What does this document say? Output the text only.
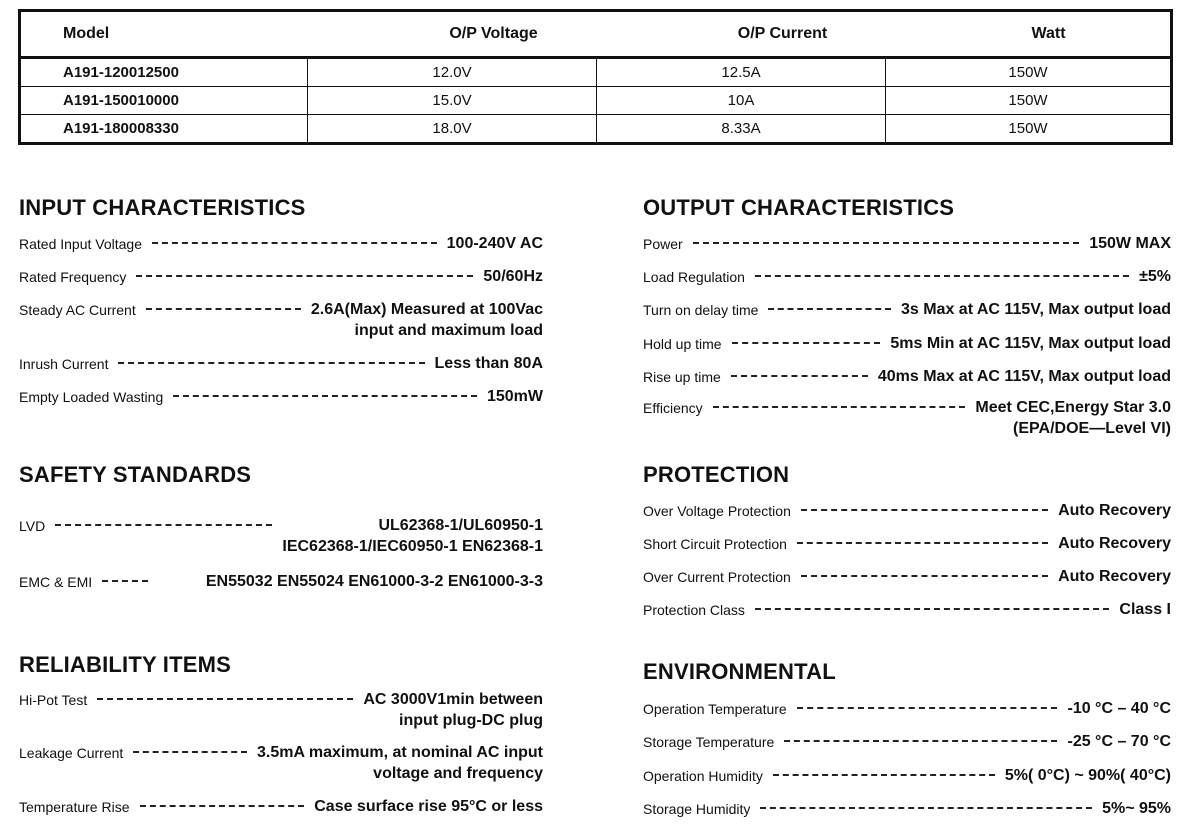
Model	O/P Voltage	O/P Current	Watt
A191-120012500	12.0V	12.5A	150W
A191-150010000	15.0V	10A	150W
A191-180008330	18.0V	8.33A	150W
INPUT CHARACTERISTICS
Rated Input Voltage	100-240V AC
Rated Frequency	50/60Hz
Steady AC Current	2.6A(Max) Measured at 100Vac
input and maximum load
Inrush Current	Less than 80A
Empty Loaded Wasting	150mW
SAFETY STANDARDS
LVD	UL62368-1/UL60950-1
IEC62368-1/IEC60950-1 EN62368-1
EMC & EMI	EN55032 EN55024 EN61000-3-2 EN61000-3-3
RELIABILITY ITEMS
Hi-Pot Test	AC 3000V1min between
input plug-DC plug
Leakage Current	3.5mA maximum, at nominal AC input
voltage and frequency
Temperature Rise	Case surface rise 95°C or less
OUTPUT CHARACTERISTICS
Power	150W MAX
Load Regulation	±5%
Turn on delay time	3s Max at AC 115V, Max output load
Hold up time	5ms Min at AC 115V, Max output load
Rise up time	40ms Max at AC 115V, Max output load
Efficiency	Meet CEC,Energy Star 3.0
(EPA/DOE—Level VI)
PROTECTION
Over Voltage Protection	Auto Recovery
Short Circuit Protection	Auto Recovery
Over Current Protection	Auto Recovery
Protection Class	Class I
ENVIRONMENTAL
Operation Temperature	-10 °C – 40 °C
Storage Temperature	-25 °C – 70 °C
Operation Humidity	5%( 0°C) ~ 90%( 40°C)
Storage Humidity	5%~ 95%
